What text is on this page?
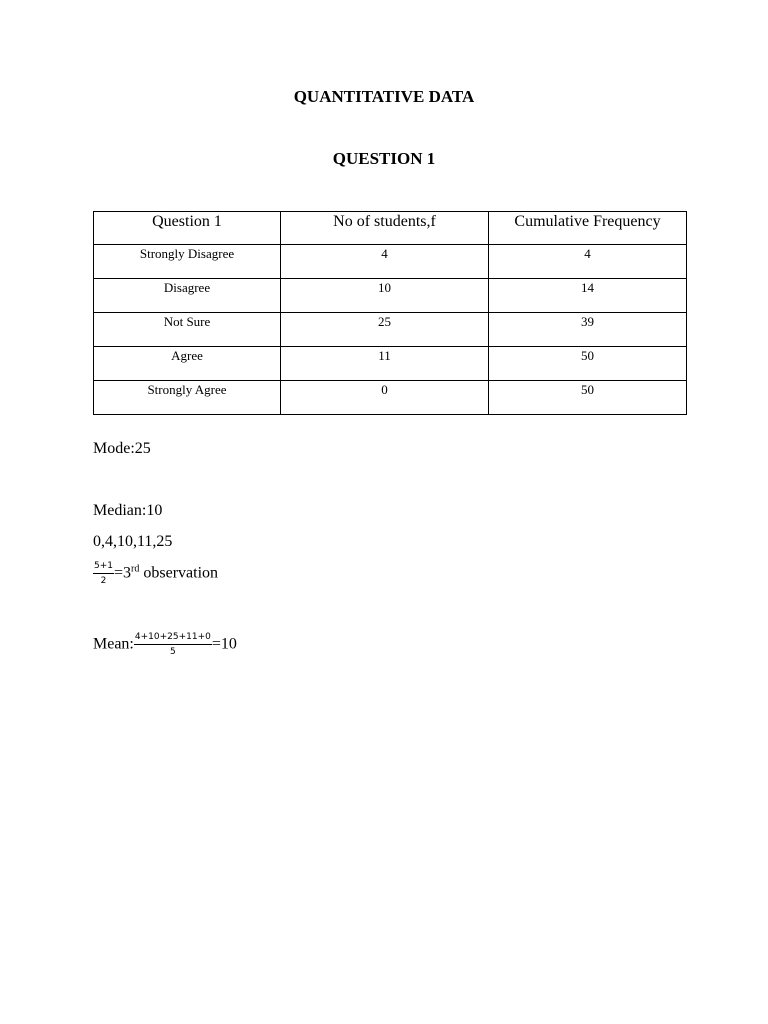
QUANTITATIVE DATA
QUESTION 1
Question 1	No of students,f	Cumulative Frequency
Strongly Disagree	4	4
Disagree	10	14
Not Sure	25	39
Agree	11	50
Strongly Agree	0	50
Mode:25
Median:10
0,4,10,11,25
$\frac{5+1}{2} =3rd$ observation
Mean: $\frac{4+10+25+11+0}{5} =10$
